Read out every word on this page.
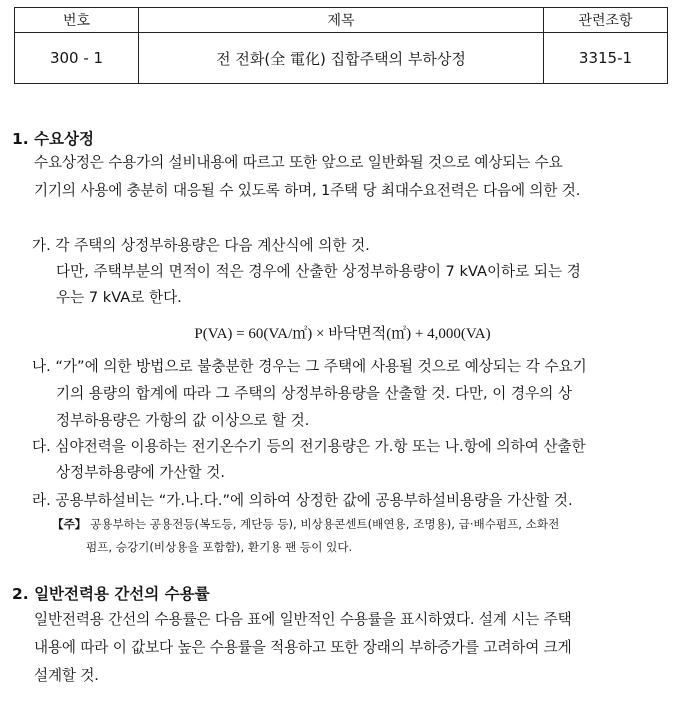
번호	제목	관련조항
300 - 1	전 전화(全 電化) 집합주택의 부하상정	3315-1
1. 수요상정
수요상정은 수용가의 설비내용에 따르고 또한 앞으로 일반화될 것으로 예상되는 수요
기기의 사용에 충분히 대응될 수 있도록 하며, 1주택 당 최대수요전력은 다음에 의한 것.
가. 각 주택의 상정부하용량은 다음 계산식에 의한 것.
다만, 주택부분의 면적이 적은 경우에 산출한 상정부하용량이 7 kVA이하로 되는 경
우는 7 kVA로 한다.
P(VA) = 60(VA/㎡) × 바닥면적(㎡) + 4,000(VA)
나. “가”에 의한 방법으로 불충분한 경우는 그 주택에 사용될 것으로 예상되는 각 수요기
기의 용량의 합계에 따라 그 주택의 상정부하용량을 산출할 것. 다만, 이 경우의 상
정부하용량은 가항의 값 이상으로 할 것.
다. 심야전력을 이용하는 전기온수기 등의 전기용량은 가.항 또는 나.항에 의하여 산출한
상정부하용량에 가산할 것.
라. 공용부하설비는 “가.나.다.”에 의하여 상정한 값에 공용부하설비용량을 가산할 것.
【주】 공용부하는 공용전등(복도등, 계단등 등), 비상용콘센트(배연용, 조명용), 급·배수펌프, 소화전
펌프, 승강기(비상용을 포함함), 환기용 팬 등이 있다.
2. 일반전력용 간선의 수용률
일반전력용 간선의 수용률은 다음 표에 일반적인 수용률을 표시하였다. 설계 시는 주택
내용에 따라 이 값보다 높은 수용률을 적용하고 또한 장래의 부하증가를 고려하여 크게
설계할 것.
